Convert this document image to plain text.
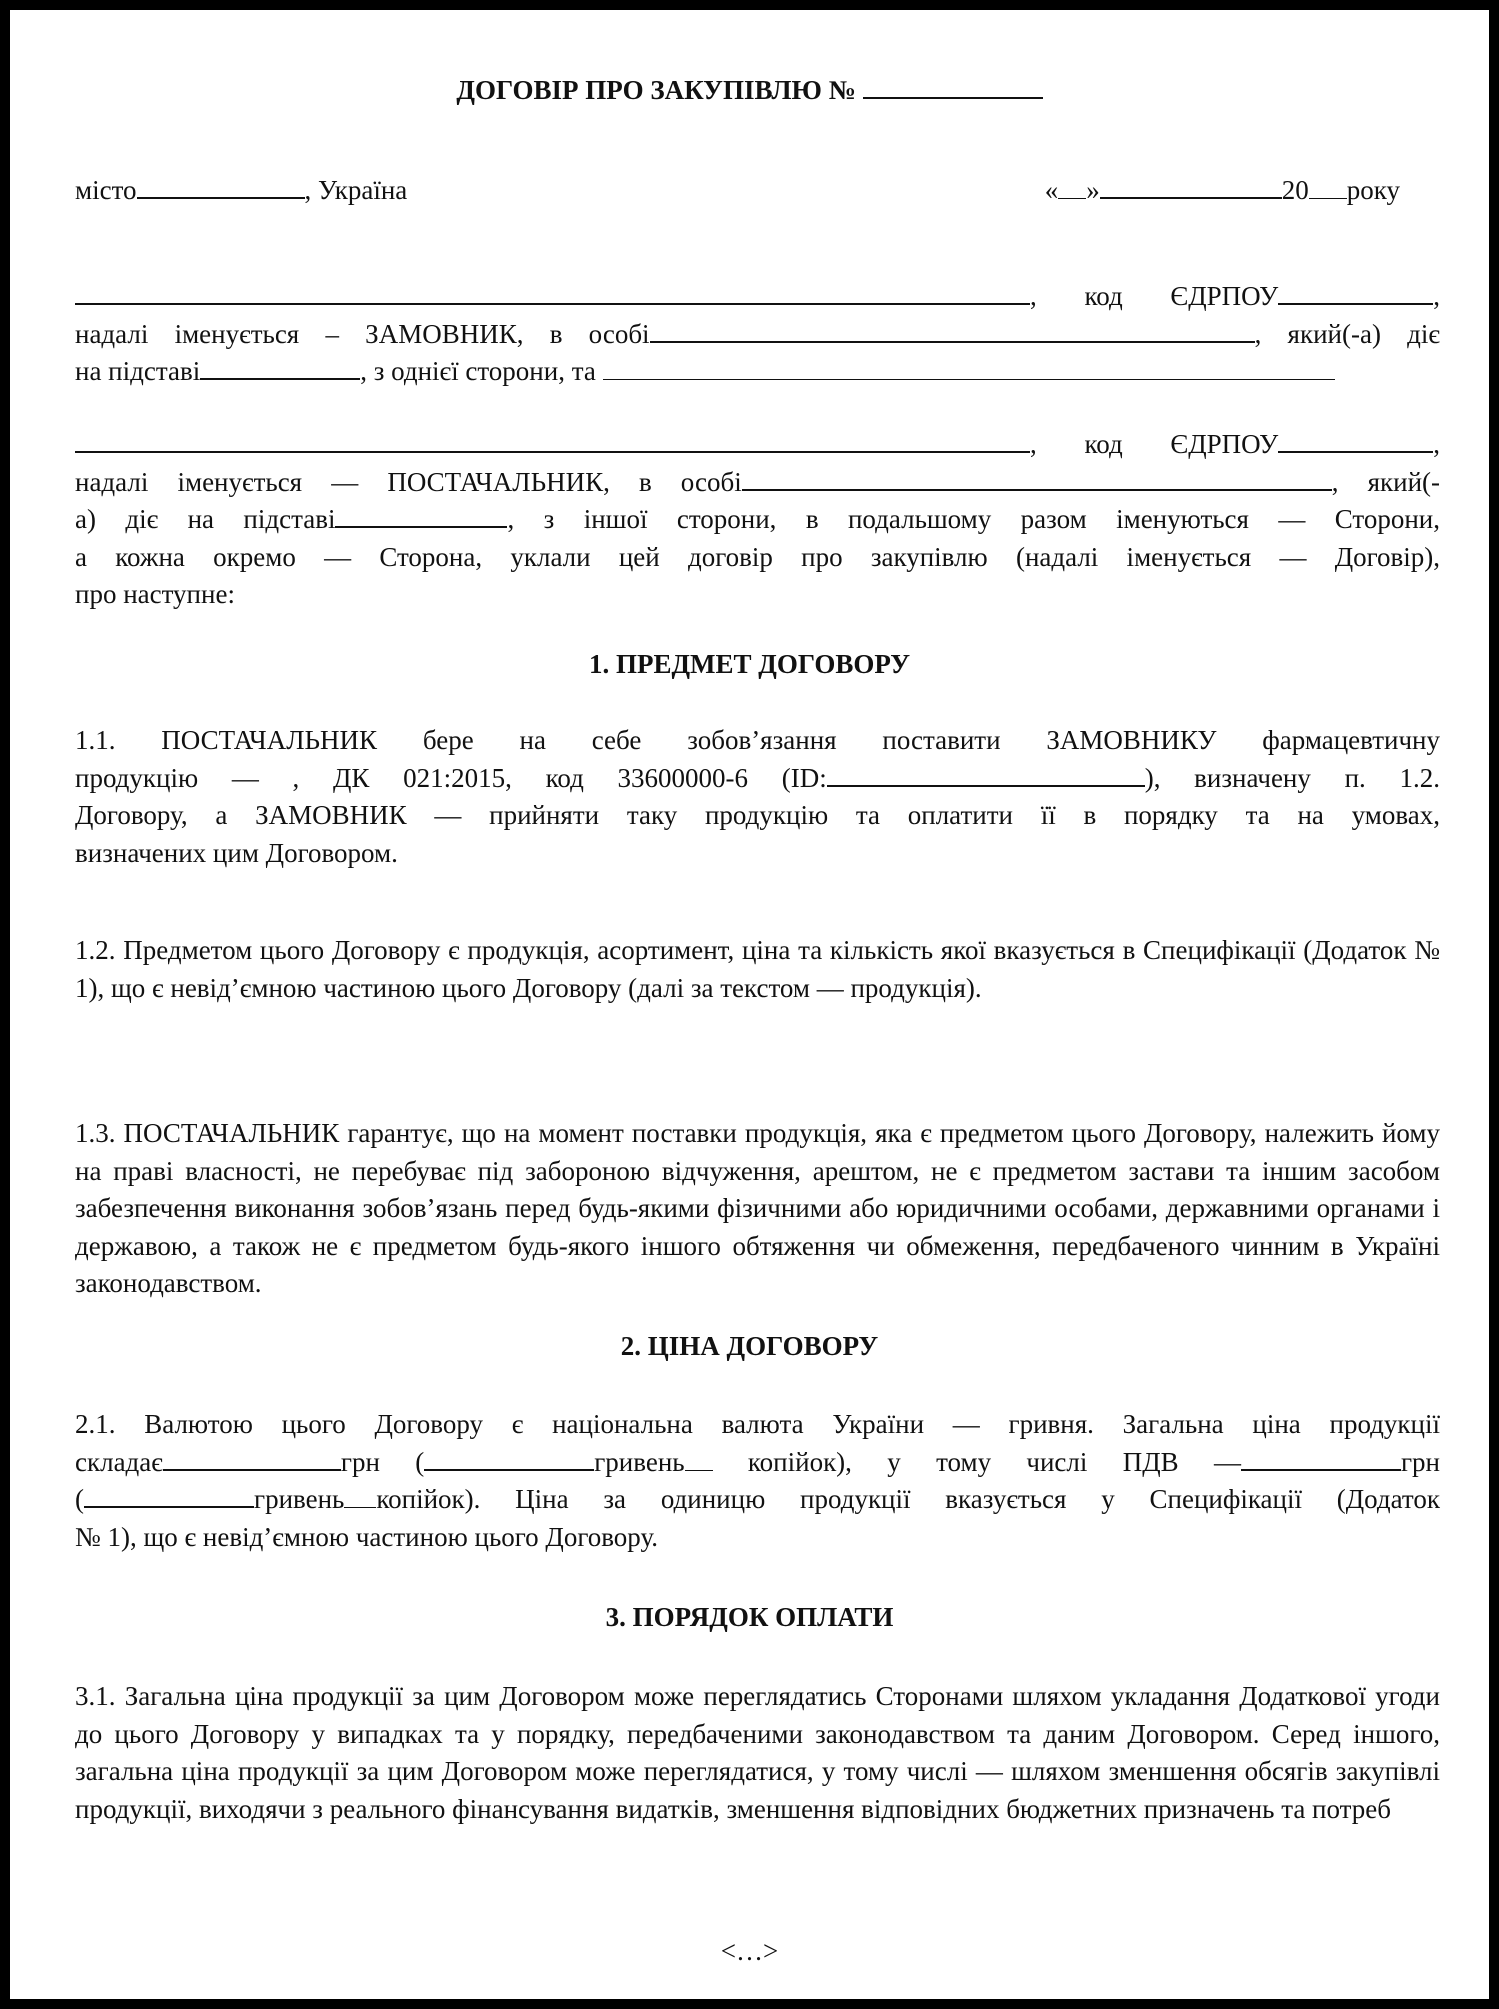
ДОГОВІР ПРО ЗАКУПІВЛЮ №
місто	, Україна	« »	20 року
, код ЄДРПОУ	,
надалі іменується – ЗАМОВНИК, в особі	, який(-а) діє
на підставі	, з однієї сторони, та
, код ЄДРПОУ	,
надалі іменується — ПОСТАЧАЛЬНИК, в особі	, який(-
а) діє на підставі	, з іншої сторони, в подальшому разом іменуються — Сторони,
а кожна окремо — Сторона, уклали цей договір про закупівлю (надалі іменується — Договір),
про наступне:
1. ПРЕДМЕТ ДОГОВОРУ
1.1. ПОСТАЧАЛЬНИК бере на себе зобов’язання поставити ЗАМОВНИКУ фармацевтичну
продукцію — , ДК 021:2015, код 33600000-6 (ID:	), визначену п. 1.2.
Договору, а ЗАМОВНИК — прийняти таку продукцію та оплатити її в порядку та на умовах,
визначених цим Договором.

1.2. Предметом цього Договору є продукція, асортимент, ціна та кількість якої вказується в Специфікації (Додаток № 1), що є невід’ємною частиною цього Договору (далі за текстом — продукція).

1.3. ПОСТАЧАЛЬНИК гарантує, що на момент поставки продукція, яка є предметом цього Договору, належить йому на праві власності, не перебуває під забороною відчуження, арештом, не є предметом застави та іншим засобом забезпечення виконання зобов’язань перед будь-якими фізичними або юридичними особами, державними органами і державою, а також не є предметом будь-якого іншого обтяження чи обмеження, передбаченого чинним в Україні законодавством.

2. ЦІНА ДОГОВОРУ
2.1. Валютою цього Договору є національна валюта України — гривня. Загальна ціна продукції
складає	грн (	гривень копійок), у тому числі ПДВ —	грн
(	гривень копійок). Ціна за одиницю продукції вказується у Специфікації (Додаток
№ 1), що є невід’ємною частиною цього Договору.
3. ПОРЯДОК ОПЛАТИ

3.1. Загальна ціна продукції за цим Договором може переглядатись Сторонами шляхом укладання Додаткової угоди до цього Договору у випадках та у порядку, передбаченими законодавством та даним Договором. Серед іншого, загальна ціна продукції за цим Договором може переглядатися, у тому числі — шляхом зменшення обсягів закупівлі продукції, виходячи з реального фінансування видатків, зменшення відповідних бюджетних призначень та потреб

<…>
